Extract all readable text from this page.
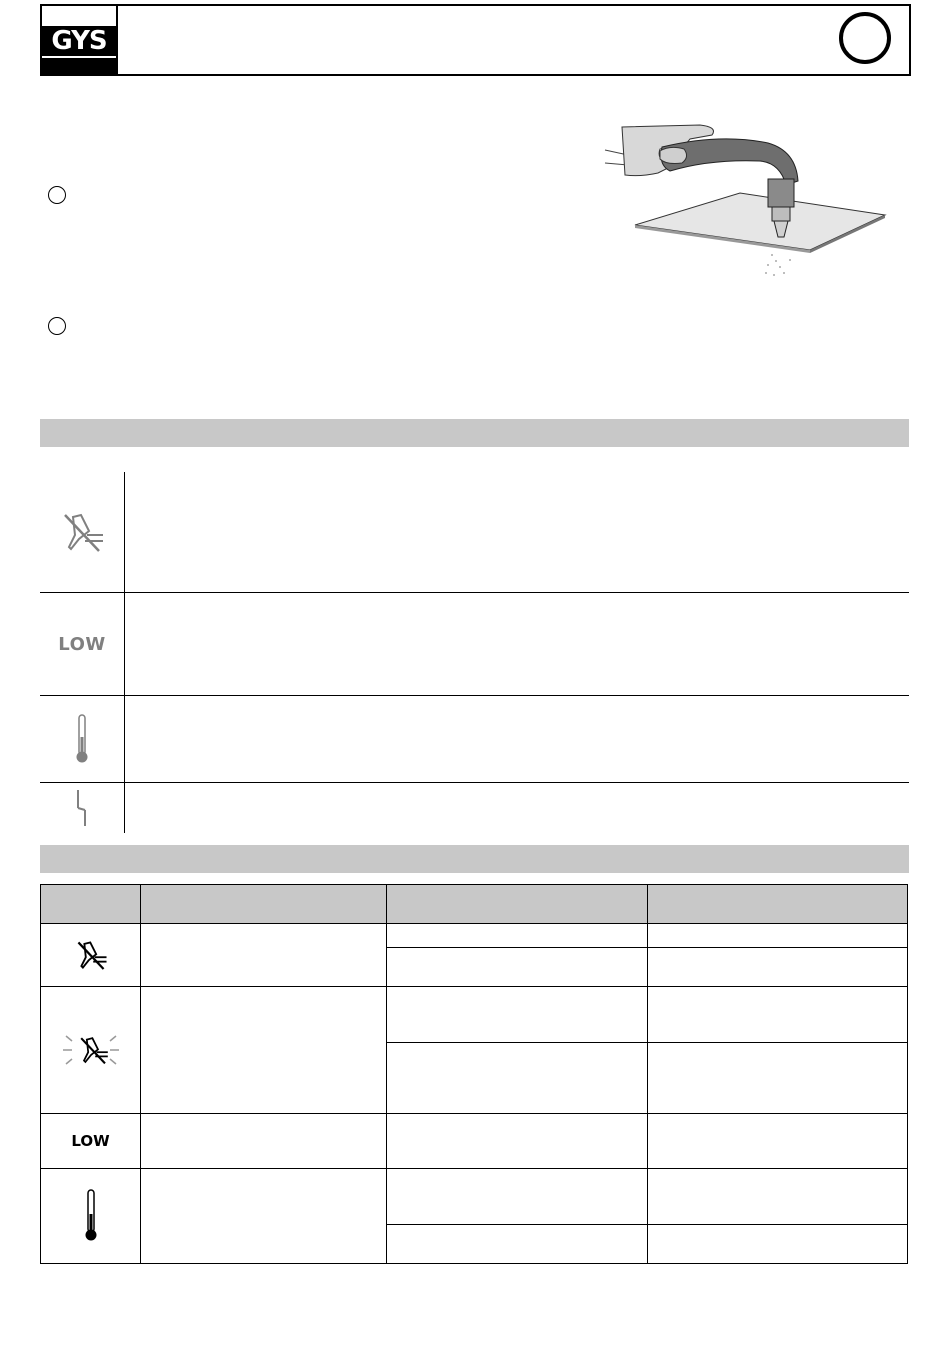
GYS
LOW
LOW
